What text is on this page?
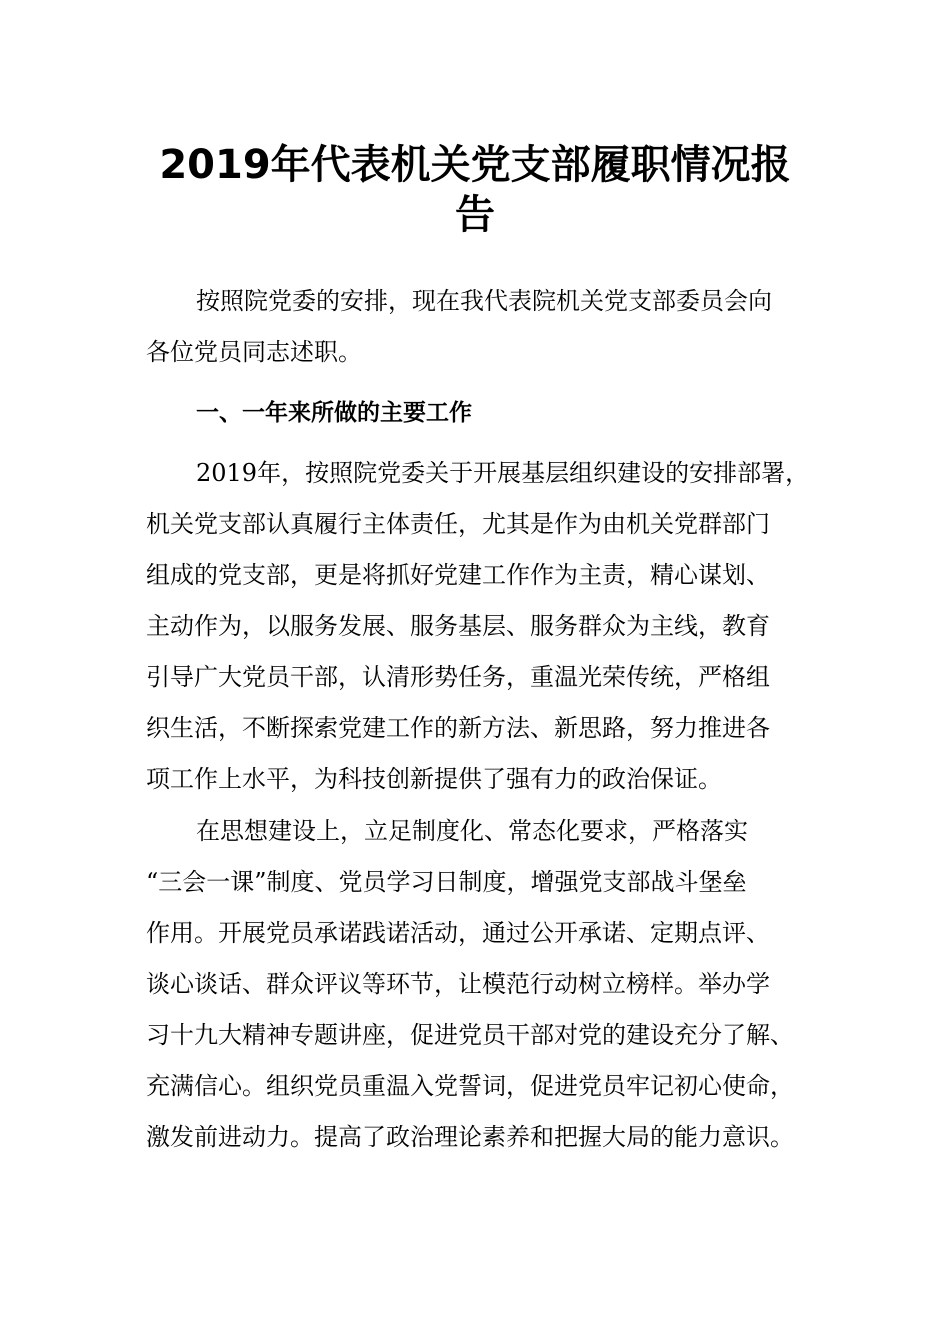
2019年代表机关党支部履职情况报
告
按照院党委的安排，现在我代表院机关党支部委员会向
各位党员同志述职。
一、一年来所做的主要工作
2019年，按照院党委关于开展基层组织建设的安排部署，
机关党支部认真履行主体责任，尤其是作为由机关党群部门
组成的党支部，更是将抓好党建工作作为主责，精心谋划、
主动作为，以服务发展、服务基层、服务群众为主线，教育
引导广大党员干部，认清形势任务，重温光荣传统，严格组
织生活，不断探索党建工作的新方法、新思路，努力推进各
项工作上水平，为科技创新提供了强有力的政治保证。
在思想建设上，立足制度化、常态化要求，严格落实
“三会一课”制度、党员学习日制度，增强党支部战斗堡垒
作用。开展党员承诺践诺活动，通过公开承诺、定期点评、
谈心谈话、群众评议等环节，让模范行动树立榜样。举办学
习十九大精神专题讲座，促进党员干部对党的建设充分了解、
充满信心。组织党员重温入党誓词，促进党员牢记初心使命，
激发前进动力。提高了政治理论素养和把握大局的能力意识。
